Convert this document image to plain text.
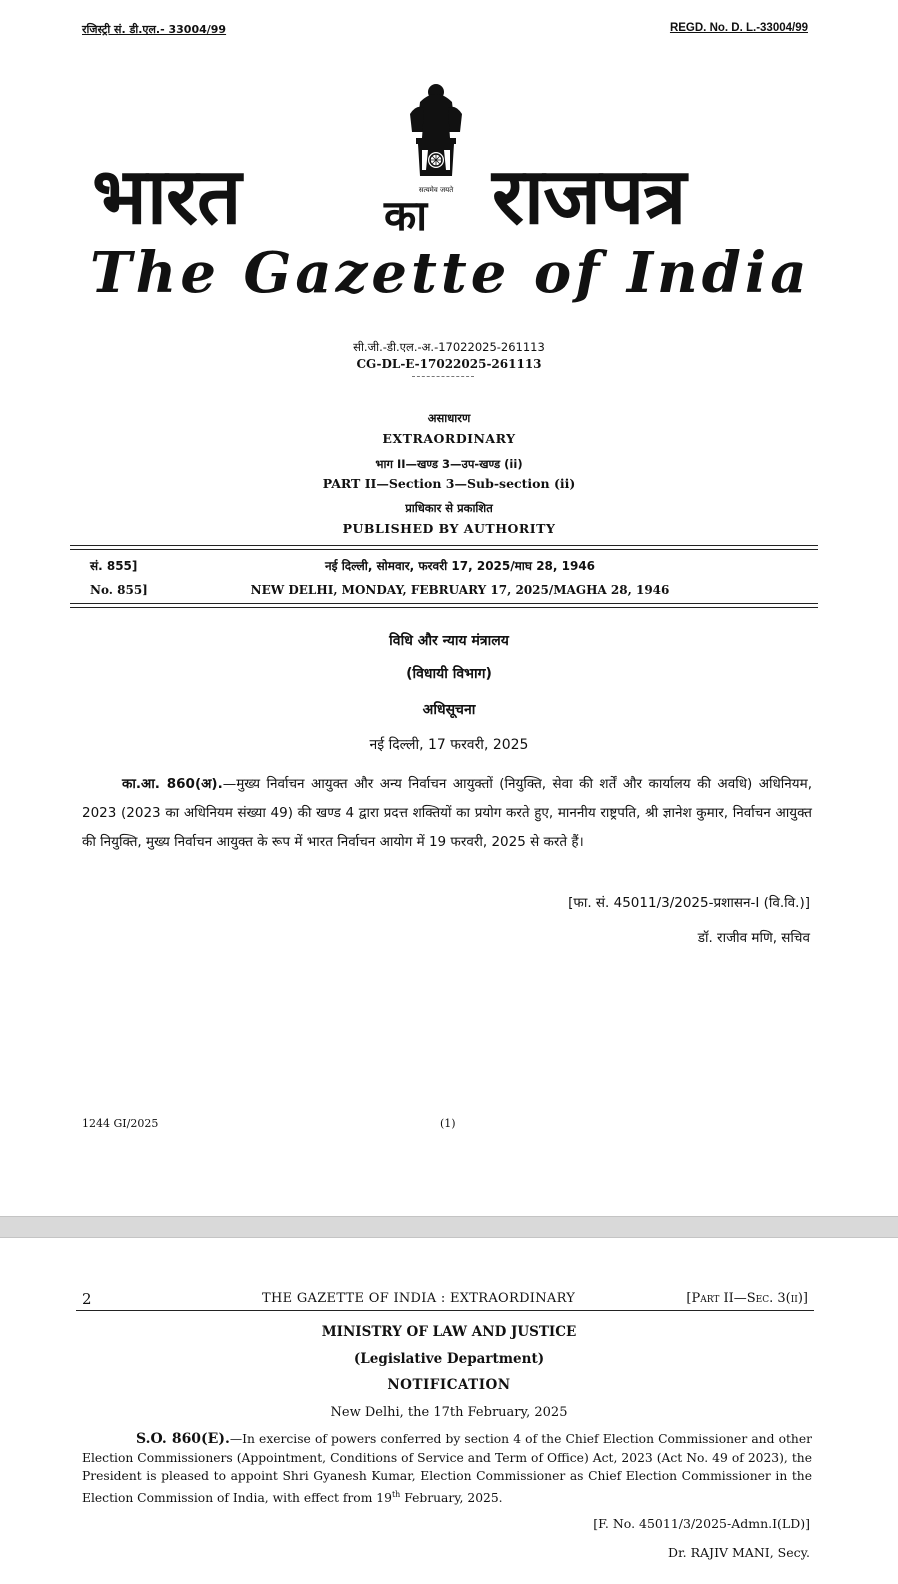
रजिस्ट्री सं. डी.एल.- 33004/99	REGD. No. D. L.-33004/99
सत्यमेव जयते
भारत	का राजपत्र
The Gazette of India
सी.जी.-डी.एल.-अ.-17022025-261113
CG-DL-E-17022025-261113
असाधारण
EXTRAORDINARY
भाग II—खण्ड 3—उप-खण्ड (ii)
PART II—Section 3—Sub-section (ii)
प्राधिकार से प्रकाशित
PUBLISHED BY AUTHORITY
सं. 855]	नई दिल्ली, सोमवार, फरवरी 17, 2025/माघ 28, 1946
No. 855]	NEW DELHI, MONDAY, FEBRUARY 17, 2025/MAGHA 28, 1946
विधि और न्याय मंत्रालय
(विधायी विभाग)
अधिसूचना
नई दिल्ली, 17 फरवरी, 2025
का.आ. 860(अ).—मुख्य निर्वाचन आयुक्त और अन्य निर्वाचन आयुक्तों (नियुक्ति, सेवा की शर्तें और कार्यालय की अवधि) अधिनियम, 2023 (2023 का अधिनियम संख्या 49) की खण्ड 4 द्वारा प्रदत्त शक्तियों का प्रयोग करते हुए, माननीय राष्ट्रपति, श्री ज्ञानेश कुमार, निर्वाचन आयुक्त की नियुक्ति, मुख्य निर्वाचन आयुक्त के रूप में भारत निर्वाचन आयोग में 19 फरवरी, 2025 से करते हैं।
[फा. सं. 45011/3/2025-प्रशासन-I (वि.वि.)]
डॉ. राजीव मणि, सचिव
1244 GI/2025	(1)
2	THE GAZETTE OF INDIA : EXTRAORDINARY	[Part II—Sec. 3(ii)]
MINISTRY OF LAW AND JUSTICE
(Legislative Department)
NOTIFICATION
New Delhi, the 17th February, 2025
S.O. 860(E).—In exercise of powers conferred by section 4 of the Chief Election Commissioner and other Election Commissioners (Appointment, Conditions of Service and Term of Office) Act, 2023 (Act No. 49 of 2023), the President is pleased to appoint Shri Gyanesh Kumar, Election Commissioner as Chief Election Commissioner in the Election Commission of India, with effect from 19th February, 2025.
[F. No. 45011/3/2025-Admn.I(LD)]
Dr. RAJIV MANI, Secy.
